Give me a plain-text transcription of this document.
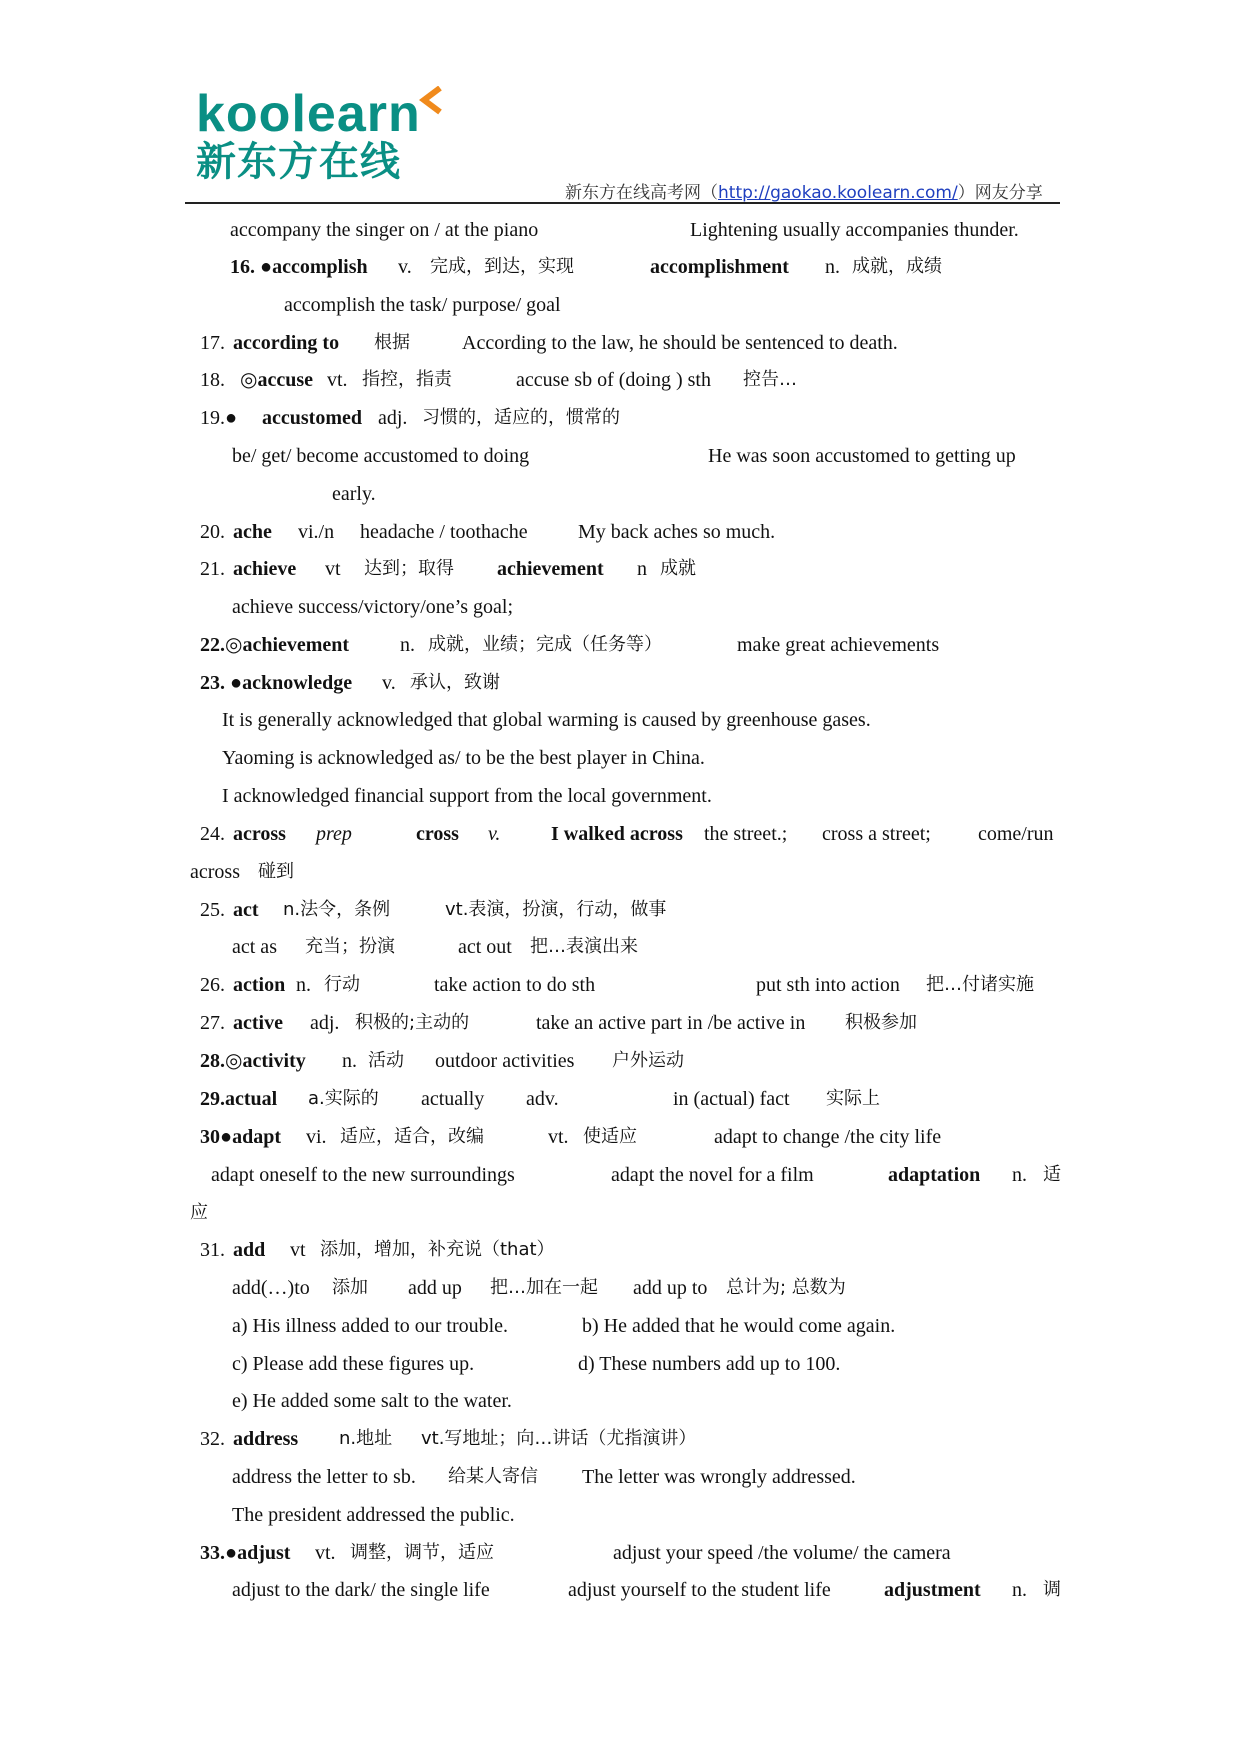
koolearn
新东方在线
新东方在线高考网（http://gaokao.koolearn.com/）网友分享
accompany the singer on / at the piano	Lightening usually accompanies thunder.
16. ●accomplish v. 完成，到达，实现	accomplishment n. 成就，成绩
accomplish the task/ purpose/ goal
17. according to 根据	According to the law, he should be sentenced to death.
18. ◎accuse vt. 指控，指责	accuse sb of (doing ) sth 控告…
19.● accustomed adj. 习惯的，适应的，惯常的
be/ get/ become accustomed to doing	He was soon accustomed to getting up
early.
20. ache vi./n headache / toothache	My back aches so much.
21. achieve vt 达到；取得 achievement n 成就
achieve success/victory/one’s goal;
22.◎achievement	n. 成就，业绩；完成（任务等）	make great achievements
23. ●acknowledge v. 承认，致谢
It is generally acknowledged that global warming is caused by greenhouse gases.
Yaoming is acknowledged as/ to be the best player in China.
I acknowledged financial support from the local government.
24. across prep	cross v.	I walked across the street.; cross a street; come/run
across 碰到
25. act n.法令，条例	vt.表演，扮演，行动，做事
act as 充当；扮演	act out 把…表演出来
26. action n. 行动	take action to do sth	put sth into action 把…付诸实施
27. active adj. 积极的;主动的	take an active part in /be active in 积极参加
28.◎activity n. 活动 outdoor activities 户外运动
29.actual a.实际的 actually adv.	in (actual) fact 实际上
30●adapt vi. 适应，适合，改编	vt. 使适应	adapt to change /the city life
adapt oneself to the new surroundings	adapt the novel for a film	adaptation n. 适
应
31. add vt 添加，增加，补充说（that）
add(…)to 添加 add up 把…加在一起 add up to 总计为; 总数为
a) His illness added to our trouble.	b) He added that he would come again.
c) Please add these figures up.	d) These numbers add up to 100.
e) He added some salt to the water.
32. address n.地址 vt.写地址；向…讲话（尤指演讲）
address the letter to sb. 给某人寄信 The letter was wrongly addressed.
The president addressed the public.
33.●adjust vt. 调整，调节，适应	adjust your speed /the volume/ the camera
adjust to the dark/ the single life	adjust yourself to the student life	adjustment n. 调
